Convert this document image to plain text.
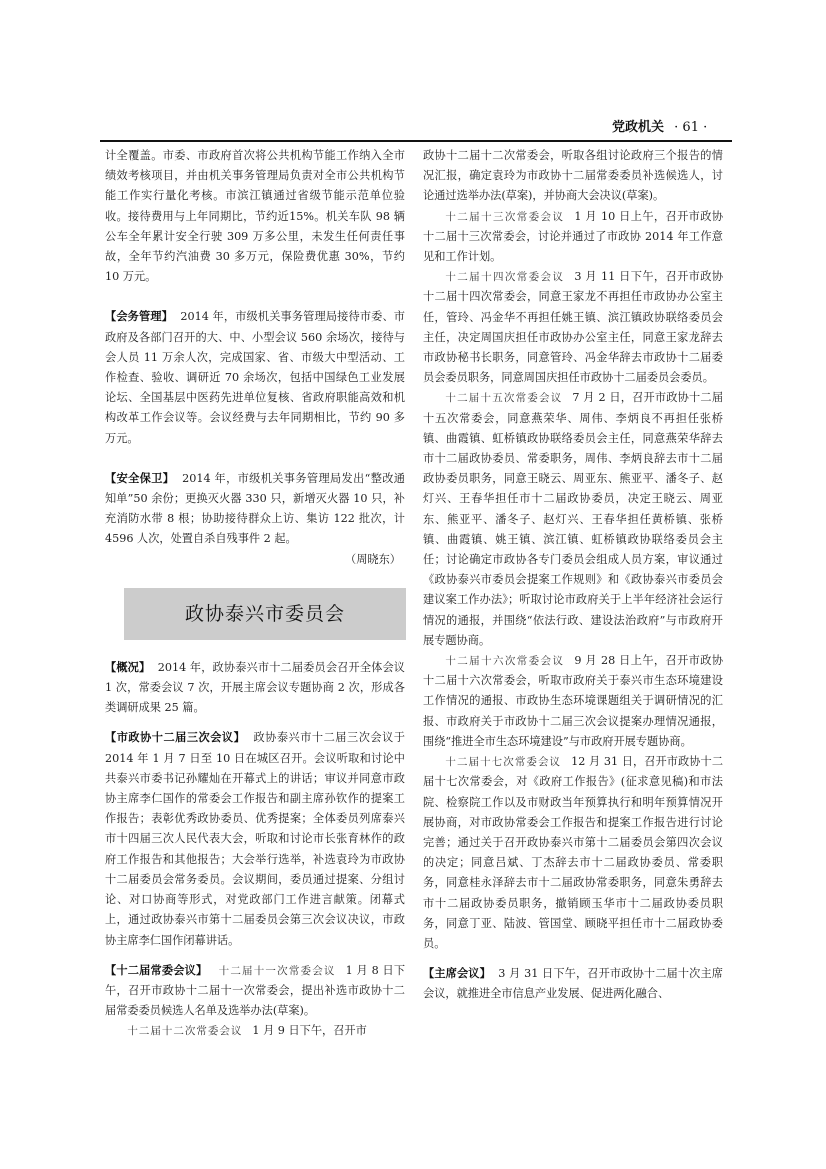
党政机关 · 61 ·

计全覆盖。市委、市政府首次将公共机构节能工作纳入全市绩效考核项目，并由机关事务管理局负责对全市公共机构节能工作实行量化考核。市滨江镇通过省级节能示范单位验收。接待费用与上年同期比，节约近15%。机关车队 98 辆公车全年累计安全行驶 309 万多公里，未发生任何责任事故，全年节约汽油费 30 多万元，保险费优惠 30%，节约 10 万元。

【会务管理】 2014 年，市级机关事务管理局接待市委、市政府及各部门召开的大、中、小型会议 560 余场次，接待与会人员 11 万余人次，完成国家、省、市级大中型活动、工作检查、验收、调研近 70 余场次，包括中国绿色工业发展论坛、全国基层中医药先进单位复核、省政府职能高效和机构改革工作会议等。会议经费与去年同期相比，节约 90 多万元。

【安全保卫】 2014 年，市级机关事务管理局发出“整改通知单”50 余份；更换灭火器 330 只，新增灭火器 10 只，补充消防水带 8 根；协助接待群众上访、集访 122 批次，计 4596 人次，处置自杀自残事件 2 起。

（周晓东）

政协泰兴市委员会

【概况】 2014 年，政协泰兴市十二届委员会召开全体会议 1 次，常委会议 7 次，开展主席会议专题协商 2 次，形成各类调研成果 25 篇。

【市政协十二届三次会议】 政协泰兴市十二届三次会议于 2014 年 1 月 7 日至 10 日在城区召开。会议听取和讨论中共泰兴市委书记孙耀灿在开幕式上的讲话；审议并同意市政协主席李仁国作的常委会工作报告和副主席孙钦作的提案工作报告；表彰优秀政协委员、优秀提案；全体委员列席泰兴市十四届三次人民代表大会，听取和讨论市长张育林作的政府工作报告和其他报告；大会举行选举，补选袁玲为市政协十二届委员会常务委员。会议期间，委员通过提案、分组讨论、对口协商等形式，对党政部门工作进言献策。闭幕式上，通过政协泰兴市第十二届委员会第三次会议决议，市政协主席李仁国作闭幕讲话。

【十二届常委会议】 十二届十一次常委会议 1 月 8 日下午，召开市政协十二届十一次常委会，提出补选市政协十二届常委委员候选人名单及选举办法(草案)。

十二届十二次常委会议 1 月 9 日下午，召开市

政协十二届十二次常委会，听取各组讨论政府三个报告的情况汇报，确定袁玲为市政协十二届常委委员补选候选人，讨论通过选举办法(草案)，并协商大会决议(草案)。

十二届十三次常委会议 1 月 10 日上午，召开市政协十二届十三次常委会，讨论并通过了市政协 2014 年工作意见和工作计划。

十二届十四次常委会议 3 月 11 日下午，召开市政协十二届十四次常委会，同意王家龙不再担任市政协办公室主任，管玲、冯金华不再担任姚王镇、滨江镇政协联络委员会主任，决定周国庆担任市政协办公室主任，同意王家龙辞去市政协秘书长职务，同意管玲、冯金华辞去市政协十二届委员会委员职务，同意周国庆担任市政协十二届委员会委员。

十二届十五次常委会议 7 月 2 日，召开市政协十二届十五次常委会，同意燕荣华、周伟、李炳良不再担任张桥镇、曲霞镇、虹桥镇政协联络委员会主任，同意燕荣华辞去市十二届政协委员、常委职务，周伟、李炳良辞去市十二届政协委员职务，同意王晓云、周亚东、熊亚平、潘冬子、赵灯兴、王春华担任市十二届政协委员，决定王晓云、周亚东、熊亚平、潘冬子、赵灯兴、王春华担任黄桥镇、张桥镇、曲霞镇、姚王镇、滨江镇、虹桥镇政协联络委员会主任；讨论确定市政协各专门委员会组成人员方案，审议通过《政协泰兴市委员会提案工作规则》和《政协泰兴市委员会建议案工作办法》；听取讨论市政府关于上半年经济社会运行情况的通报，并围绕“依法行政、建设法治政府”与市政府开展专题协商。

十二届十六次常委会议 9 月 28 日上午，召开市政协十二届十六次常委会，听取市政府关于泰兴市生态环境建设工作情况的通报、市政协生态环境课题组关于调研情况的汇报、市政府关于市政协十二届三次会议提案办理情况通报，围绕“推进全市生态环境建设”与市政府开展专题协商。

十二届十七次常委会议 12 月 31 日，召开市政协十二届十七次常委会，对《政府工作报告》(征求意见稿)和市法院、检察院工作以及市财政当年预算执行和明年预算情况开展协商，对市政协常委会工作报告和提案工作报告进行讨论完善；通过关于召开政协泰兴市第十二届委员会第四次会议的决定；同意吕斌、丁杰辞去市十二届政协委员、常委职务，同意桂永泽辞去市十二届政协常委职务，同意朱勇辞去市十二届政协委员职务，撤销顾玉华市十二届政协委员职务，同意丁亚、陆波、管国堂、顾晓平担任市十二届政协委员。

【主席会议】 3 月 31 日下午，召开市政协十二届十次主席会议，就推进全市信息产业发展、促进两化融合、
